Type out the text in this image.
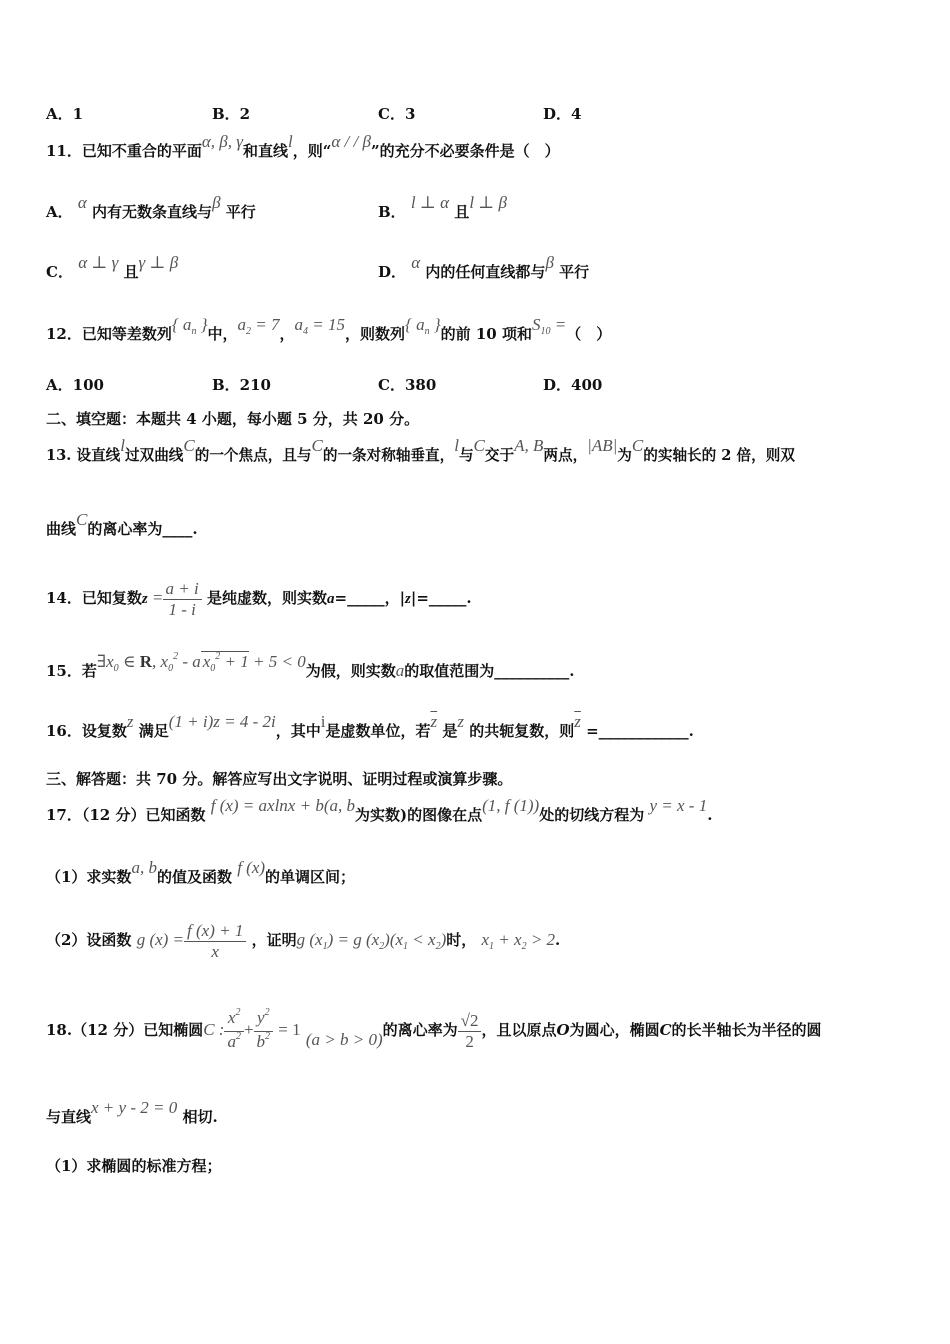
A．1	B．2	C．3	D．4
11．已知不重合的平面α, β, γ和直线l，则“α / / β”的充分不必要条件是（　）
A． α 内有无数条直线与β 平行	B． l ⊥ α 且l ⊥ β
C． α ⊥ γ 且γ ⊥ β	D． α 内的任何直线都与β 平行
12．已知等差数列{ $a_n$ }中，$a_2 = 7$，$a_4 = 15$，则数列{ $a_n$ }的前 10 项和$S_{10}$ =（　）
A．100	B．210	C．380	D．400
二、填空题：本题共 4 小题，每小题 5 分，共 20 分。
13. 设直线l过双曲线C的一个焦点，且与C的一条对称轴垂直，l与C交于A, B两点，|AB|为C的实轴长的 2 倍，则双
曲线C的离心率为____.
14．已知复数$z = \frac{a + i}{1 - i}$ 是纯虚数，则实数a=_____，|z|=_____.
15．若$\exists x_0$ ∈ R, $x_0^2$ - a $x_0^2 + 1 + 5 < 0$为假，则实数a的取值范围为__________.
16．设复数z 满足(1 + i)z = 4 - 2i，其中i是虚数单位，若$\overline{z}$ 是z 的共轭复数，则$\overline{z}$ =____________.
三、解答题：共 70 分。解答应写出文字说明、证明过程或演算步骤。
17．（12 分）已知函数 f (x) = axlnx + b(a, b为实数)的图像在点(1, f (1))处的切线方程为 y = x - 1.
（1）求实数a, b的值及函数 f (x)的单调区间；
（2）设函数 g $(x) = \frac{f (x) + 1}{x}$ ，证明g $(x_1) = g$ $(x_2)(x_1 < x_2)$时， $x_1 + x_2 > 2$.
18.（12 分）已知椭圆C : $\frac{x^2}{a^2} + \frac{y^2}{b^2} = 1$ (a > b > 0)的离心率为 $\frac{√2}{2}$ ，且以原点O为圆心，椭圆C的长半轴长为半径的圆
与直线x + y - 2 = 0 相切.
（1）求椭圆的标准方程；
